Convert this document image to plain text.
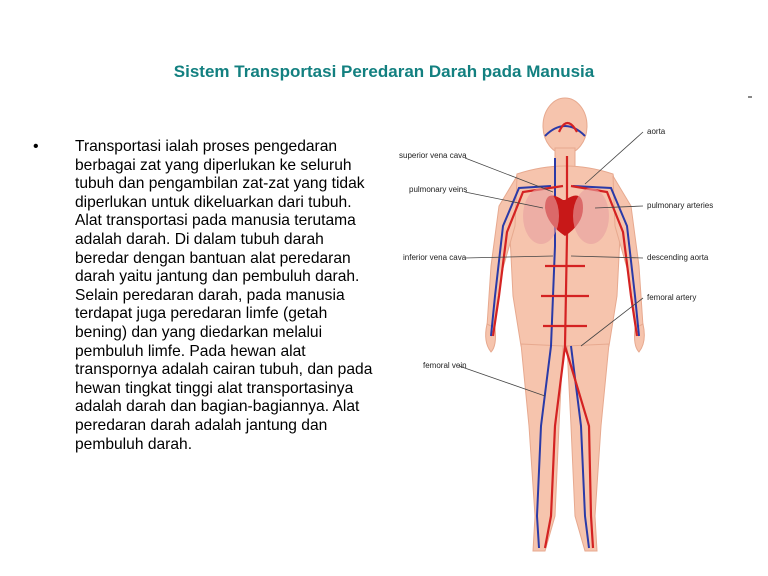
Sistem Transportasi Peredaran Darah pada Manusia
• Transportasi ialah proses pengedaran berbagai zat yang diperlukan ke seluruh tubuh dan pengambilan zat-zat yang tidak diperlukan untuk dikeluarkan dari tubuh.
Alat transportasi pada manusia terutama adalah darah. Di dalam tubuh darah beredar dengan bantuan alat peredaran darah yaitu jantung dan pembuluh darah. Selain peredaran darah, pada manusia terdapat juga peredaran limfe (getah bening) dan yang diedarkan melalui pembuluh limfe. Pada hewan alat transpornya adalah cairan tubuh, dan pada hewan tingkat tinggi alat transportasinya adalah darah dan bagian-bagiannya. Alat peredaran darah adalah jantung dan pembuluh darah.
aorta
superior vena cava
pulmonary veins
pulmonary arteries
inferior vena cava	descending aorta
femoral artery
femoral vein
